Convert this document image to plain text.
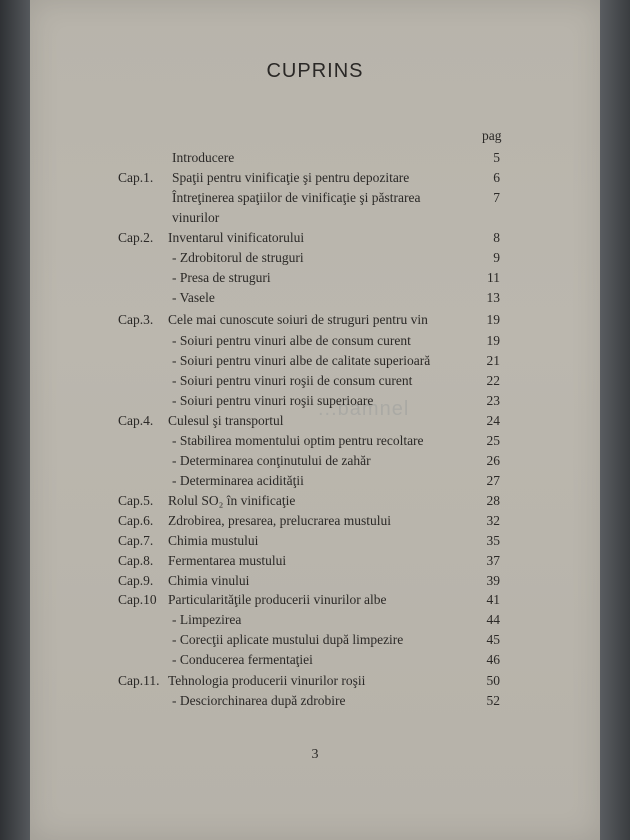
CUPRINS
pag
...bamnel
Introducere	5
Cap.1. Spaţii pentru vinificaţie şi pentru depozitare	6
Întreţinerea spaţiilor de vinificaţie şi păstrarea	7
vinurilor
Cap.2. Inventarul vinificatorului	8
- Zdrobitorul de struguri	9
- Presa de struguri	11
- Vasele	13
Cap.3. Cele mai cunoscute soiuri de struguri pentru vin	19
- Soiuri pentru vinuri albe de consum curent	19
- Soiuri pentru vinuri albe de calitate superioară	21
- Soiuri pentru vinuri roşii de consum curent	22
- Soiuri pentru vinuri roşii superioare	23
Cap.4. Culesul şi transportul	24
- Stabilirea momentului optim pentru recoltare	25
- Determinarea conţinutului de zahăr	26
- Determinarea acidităţii	27
Cap.5. Rolul SO₂ în vinificaţie	28
Cap.6. Zdrobirea, presarea, prelucrarea mustului	32
Cap.7. Chimia mustului	35
Cap.8. Fermentarea mustului	37
Cap.9. Chimia vinului	39
Cap.10 Particularităţile producerii vinurilor albe	41
- Limpezirea	44
- Corecţii aplicate mustului după limpezire	45
- Conducerea fermentaţiei	46
Cap.11. Tehnologia producerii vinurilor roşii	50
- Desciorchinarea după zdrobire	52
3
